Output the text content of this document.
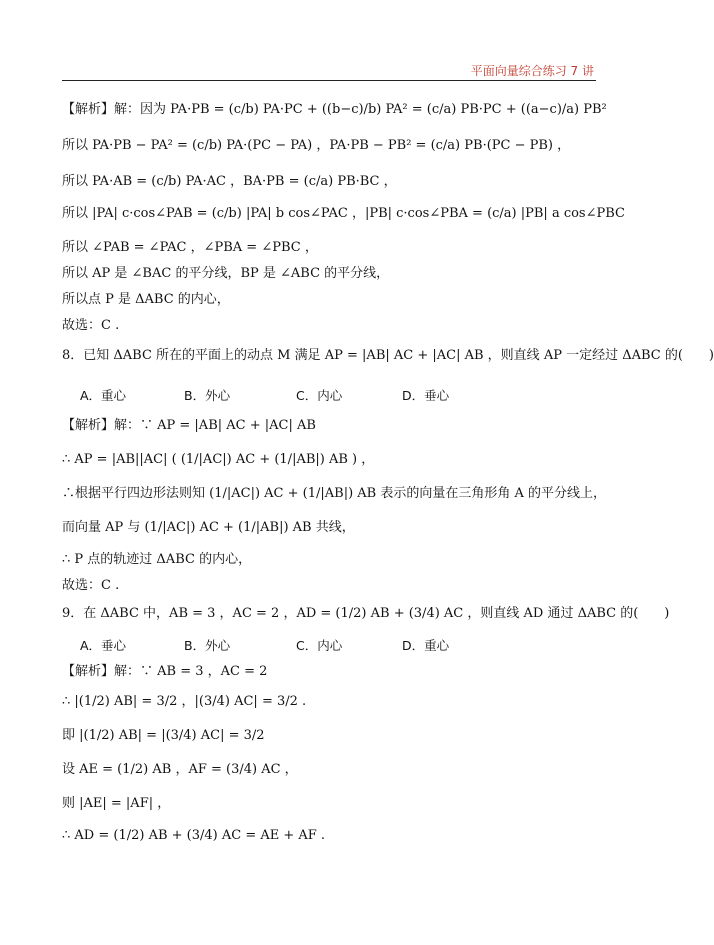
平面向量综合练习 7 讲
【解析】解：因为 PA·PB = (c/b) PA·PC + ((b−c)/b) PA² = (c/a) PB·PC + ((a−c)/a) PB²
所以 PA·PB − PA² = (c/b) PA·(PC − PA) ，PA·PB − PB² = (c/a) PB·(PC − PB) ，
所以 PA·AB = (c/b) PA·AC ，BA·PB = (c/a) PB·BC ，
所以 |PA| c·cos∠PAB = (c/b) |PA| b cos∠PAC ，|PB| c·cos∠PBA = (c/a) |PB| a cos∠PBC
所以 ∠PAB = ∠PAC ，∠PBA = ∠PBC ，
所以 AP 是 ∠BAC 的平分线，BP 是 ∠ABC 的平分线，
所以点 P 是 ΔABC 的内心，
故选：C .
8．已知 ΔABC 所在的平面上的动点 M 满足 AP = |AB| AC + |AC| AB ，则直线 AP 一定经过 ΔABC 的(　　)
A．重心	B．外心	C．内心	D．垂心
【解析】解：∵ AP = |AB| AC + |AC| AB
∴ AP = |AB||AC| ( (1/|AC|) AC + (1/|AB|) AB ) ，
∴根据平行四边形法则知 (1/|AC|) AC + (1/|AB|) AB 表示的向量在三角形角 A 的平分线上，
而向量 AP 与 (1/|AC|) AC + (1/|AB|) AB 共线，
∴ P 点的轨迹过 ΔABC 的内心，
故选：C .
9．在 ΔABC 中，AB = 3 ，AC = 2 ，AD = (1/2) AB + (3/4) AC ，则直线 AD 通过 ΔABC 的(　　)
A．垂心	B．外心	C．内心	D．重心
【解析】解：∵ AB = 3 ，AC = 2
∴ |(1/2) AB| = 3/2 ，|(3/4) AC| = 3/2 .
即 |(1/2) AB| = |(3/4) AC| = 3/2
设 AE = (1/2) AB ，AF = (3/4) AC ，
则 |AE| = |AF| ，
∴ AD = (1/2) AB + (3/4) AC = AE + AF .
